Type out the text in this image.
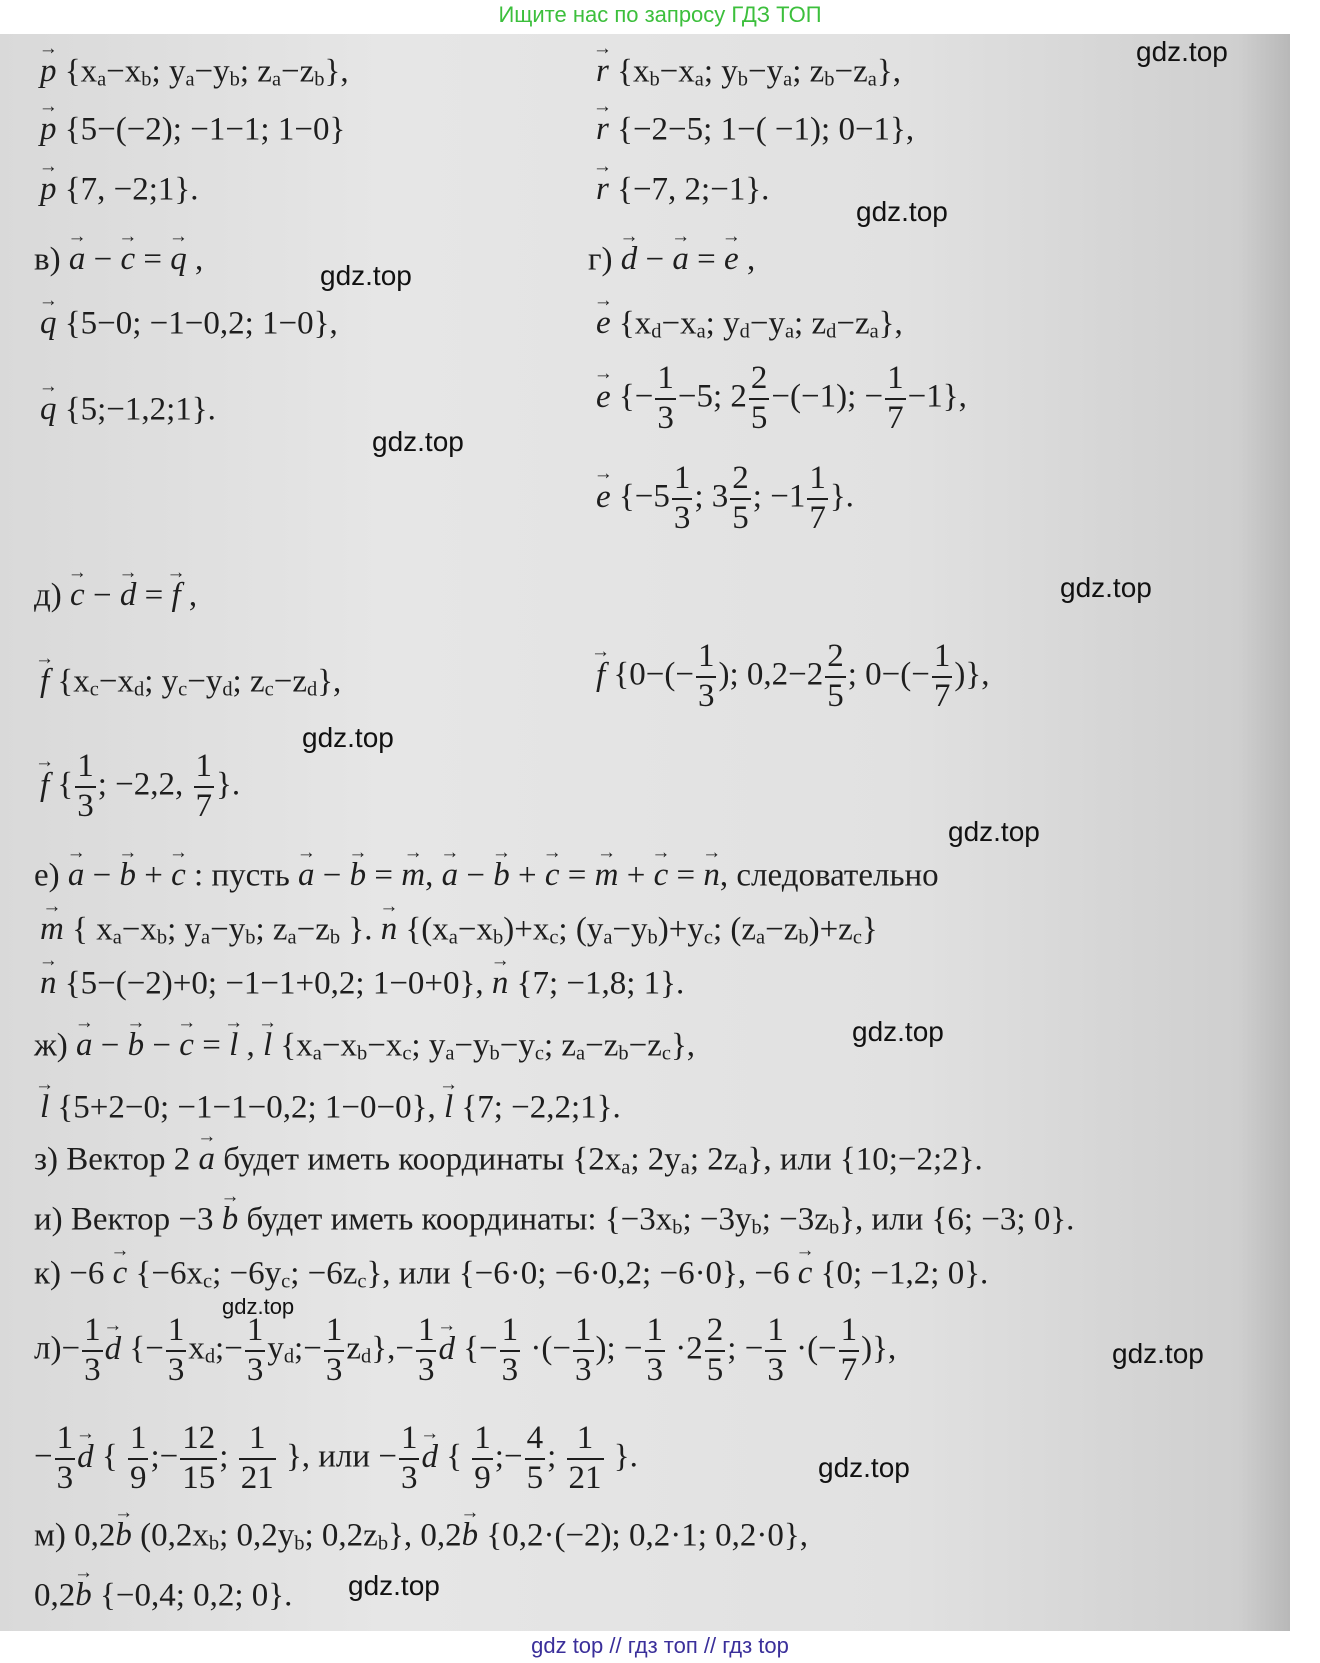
Ищите нас по запросу ГДЗ ТОП
gdz top // гдз топ // гдз top
gdz.top
gdz.top
gdz.top
gdz.top
gdz.top
gdz.top
gdz.top
gdz.top
gdz.top
gdz.top
gdz.top
gdz.top
→ p {$x_a-x_b$; $y_a-y_b$; $z_a-z_b$},
→ p {5−(−2); −1−1; 1−0}
→ p {7, −2;1}.
→ r {$x_b-x_a$; $y_b-y_a$; $z_b-z_a$},
→ r {−2−5; 1−( −1); 0−1},
→ r {−7, 2;−1}.
в) → a − → c = → q ,
→ q {5−0; −1−0,2; 1−0},
→ q {5;−1,2;1}.
г) → d − → a = → e ,
→ e {$x_d-x_a$; $y_d-y_a$; $z_d-z_a$},
→ e {− $\frac{1}{3} -5$; $2 \frac{2}{5} -(-1)$; − $\frac{1}{7} -1$},
→ e {$-5 \frac{1}{3}$ ; $3 \frac{2}{5}$ ; $-1 \frac{1}{7}$ }.
д) → c − → d = → f ,
→ f {$x_c-x_d$; $y_c-y_d$; $z_c-z_d$},
→	f {$0-(- \frac{1}{3}$ ); $0,2-2 \frac{2}{5}$ ; $0-(- \frac{1}{7}$ )},
→ f { $\frac{1}{3}$ ; −2,2, $\frac{1}{7}$ }.
е) → a − → b + → c : пусть → a − → b = → m, → a − → b + → c = → m + → c = → n, следовательно
→ m { $x_a-x_b$; $y_a-y_b$; $z_a-z_b$ }. → n {$(x_a-x_b)+x_c$; $(y_a-y_b)+y_c$; $(z_a-z_b)+z_c$}
→ n {5−(−2)+0; −1−1+0,2; 1−0+0}, → n {7; −1,8; 1}.
ж) → a − → b − → c = → l , → l {$x_a-x_b-x_c$; $y_a-y_b-y_c$; $z_a-z_b-z_c$},
→ l {5+2−0; −1−1−0,2; 1−0−0}, → l {7; −2,2;1}.
з) Вектор 2 → a будет иметь координаты {$2x_a$; $2y_a$; $2z_a$}, или {10;−2;2}.
и) Вектор −3 → b будет иметь координаты: {$-3x_b$; $-3y_b$; $-3z_b$}, или {6; −3; 0}.
к) −6 → c {$-6x_c$; $-6y_c$; $-6z_c$}, или {−6·0; −6·0,2; −6·0}, −6 → c {0; −1,2; 0}.
$л)- \frac{1}{3}$
→ d {− $\frac{1}{3}$ $x_d;- \frac{1}{3}$ $y_d;- \frac{1}{3} z_d\},- \frac{1}{3}$
→ d {− $\frac{1}{3}$ ·(− $\frac{1}{3}$ ); − $\frac{1}{3} \cdot 2 \frac{2}{5}$ ; − $\frac{1}{3}$ ·(− $\frac{1}{7}$ )},
− $\frac{1}{3}$
→ d { $\frac{1}{9}$ ;− $\frac{12}{15}$ ; $\frac{1}{21}$ }, или − $\frac{1}{3}$
→ d { $\frac{1}{9}$ ;− $\frac{4}{5}$ ; $\frac{1}{21}$ }.
м) 0,2→ b ($0,2x_b$; $0,2y_b$; $0,2z_b$}, 0,2→ b {0,2·(−2); 0,2·1; 0,2·0},
0,2→ b {−0,4; 0,2; 0}.
